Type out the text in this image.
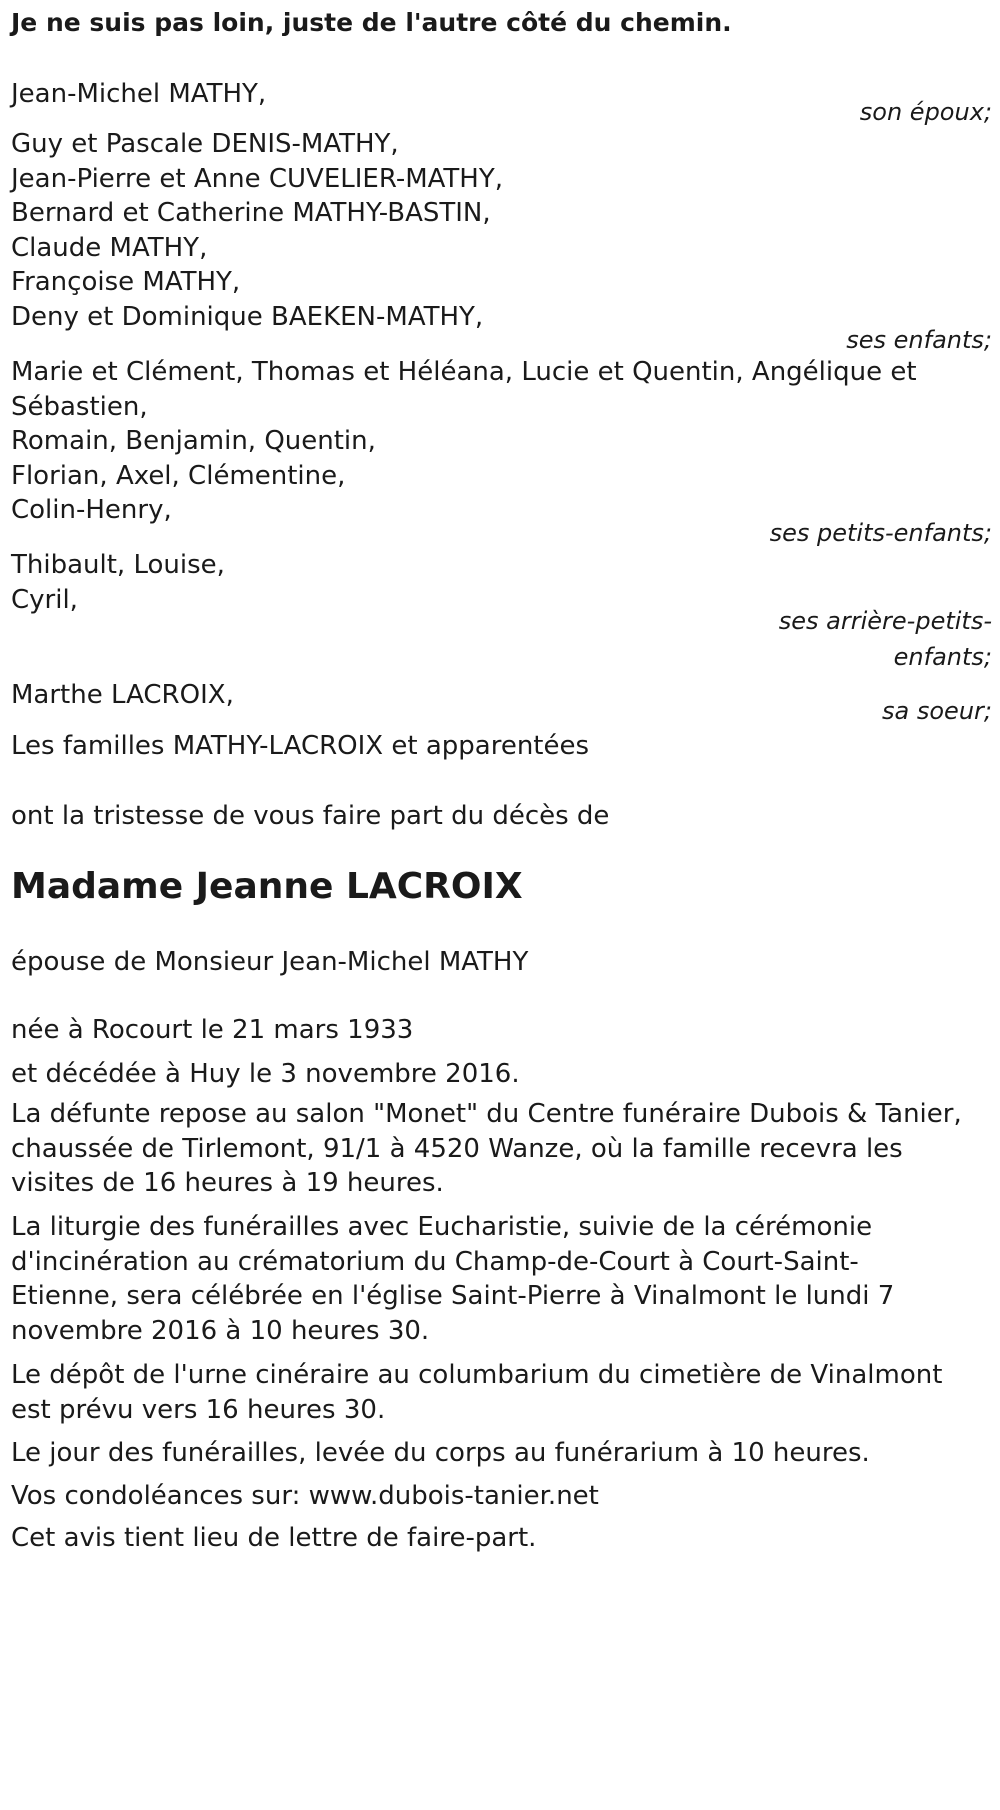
Je ne suis pas loin, juste de l'autre côté du chemin.

Jean-Michel MATHY,

son époux;
Guy et Pascale DENIS-MATHY,
Jean-Pierre et Anne CUVELIER-MATHY,
Bernard et Catherine MATHY-BASTIN,
Claude MATHY,
Françoise MATHY,
Deny et Dominique BAEKEN-MATHY,
ses enfants;
Marie et Clément, Thomas et Héléana, Lucie et Quentin, Angélique et
Sébastien,
Romain, Benjamin, Quentin,
Florian, Axel, Clémentine,
Colin-Henry,
ses petits-enfants;
Thibault, Louise,
Cyril,
ses arrière-petits-
enfants;

Marthe LACROIX,

sa soeur;

Les familles MATHY-LACROIX et apparentées

ont la tristesse de vous faire part du décès de

Madame Jeanne LACROIX

épouse de Monsieur Jean-Michel MATHY

née à Rocourt le 21 mars 1933

et décédée à Huy le 3 novembre 2016.

La défunte repose au salon "Monet" du Centre funéraire Dubois & Tanier,
chaussée de Tirlemont, 91/1 à 4520 Wanze, où la famille recevra les
visites de 16 heures à 19 heures.
La liturgie des funérailles avec Eucharistie, suivie de la cérémonie
d'incinération au crématorium du Champ-de-Court à Court-Saint-
Etienne, sera célébrée en l'église Saint-Pierre à Vinalmont le lundi 7
novembre 2016 à 10 heures 30.
Le dépôt de l'urne cinéraire au columbarium du cimetière de Vinalmont
est prévu vers 16 heures 30.

Le jour des funérailles, levée du corps au funérarium à 10 heures.

Vos condoléances sur: www.dubois-tanier.net

Cet avis tient lieu de lettre de faire-part.
